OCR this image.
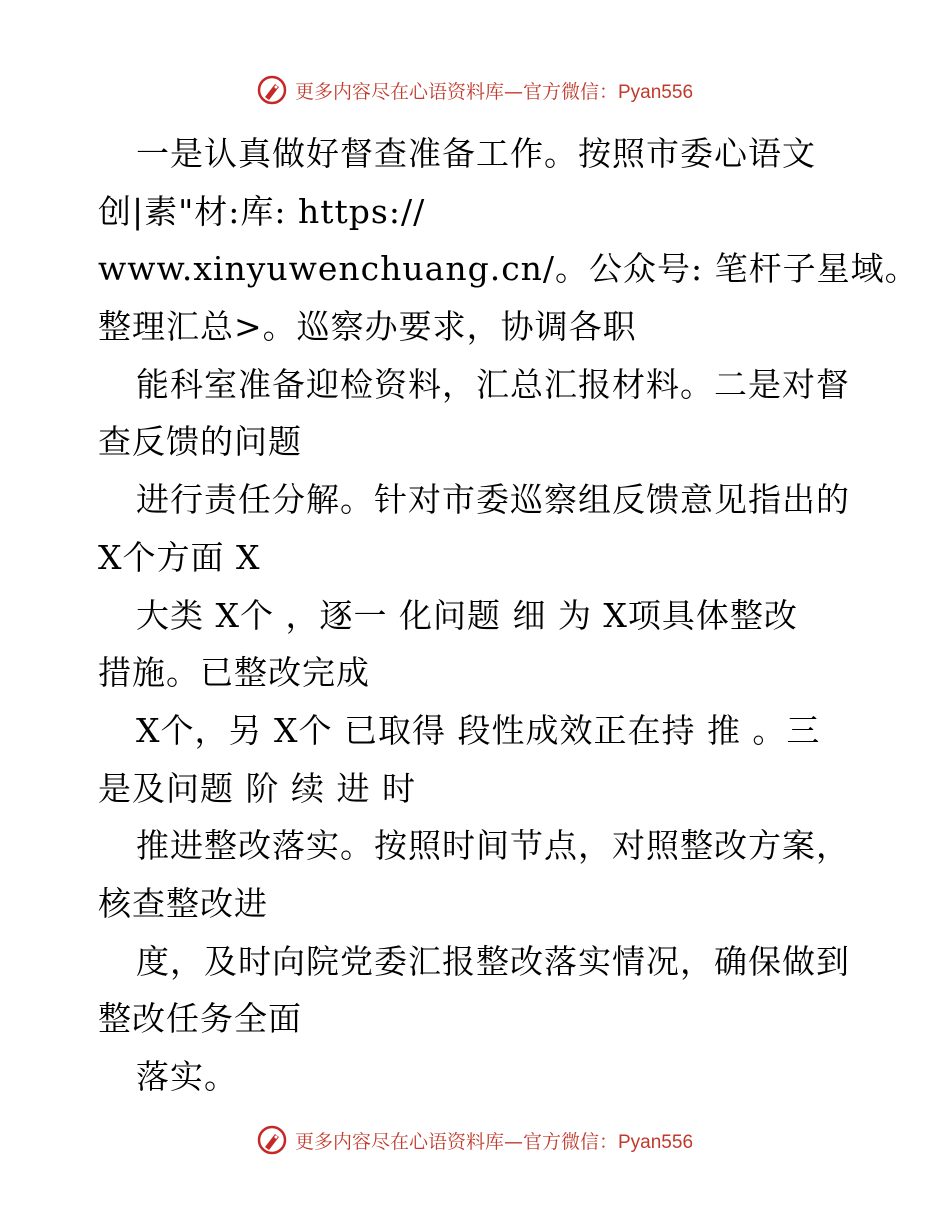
更多内容尽在心语资料库—官方微信：Pyan556
一是认真做好督查准备工作。按照市委心语文
创|素"材:库: https://
www.xinyuwenchuang.cn/。公众号: 笔杆子星域。
整理汇总>。巡察办要求，协调各职
能科室准备迎检资料，汇总汇报材料。二是对督
查反馈的问题
进行责任分解。针对市委巡察组反馈意见指出的
X个方面 X
大类 X个 ，逐一 化问题 细 为 X项具体整改
措施。已整改完成
X个，另 X个 已取得 段性成效正在持 推 。三
是及问题 阶 续 进 时
推进整改落实。按照时间节点，对照整改方案，
核查整改进
度，及时向院党委汇报整改落实情况，确保做到
整改任务全面
落实。
更多内容尽在心语资料库—官方微信：Pyan556
